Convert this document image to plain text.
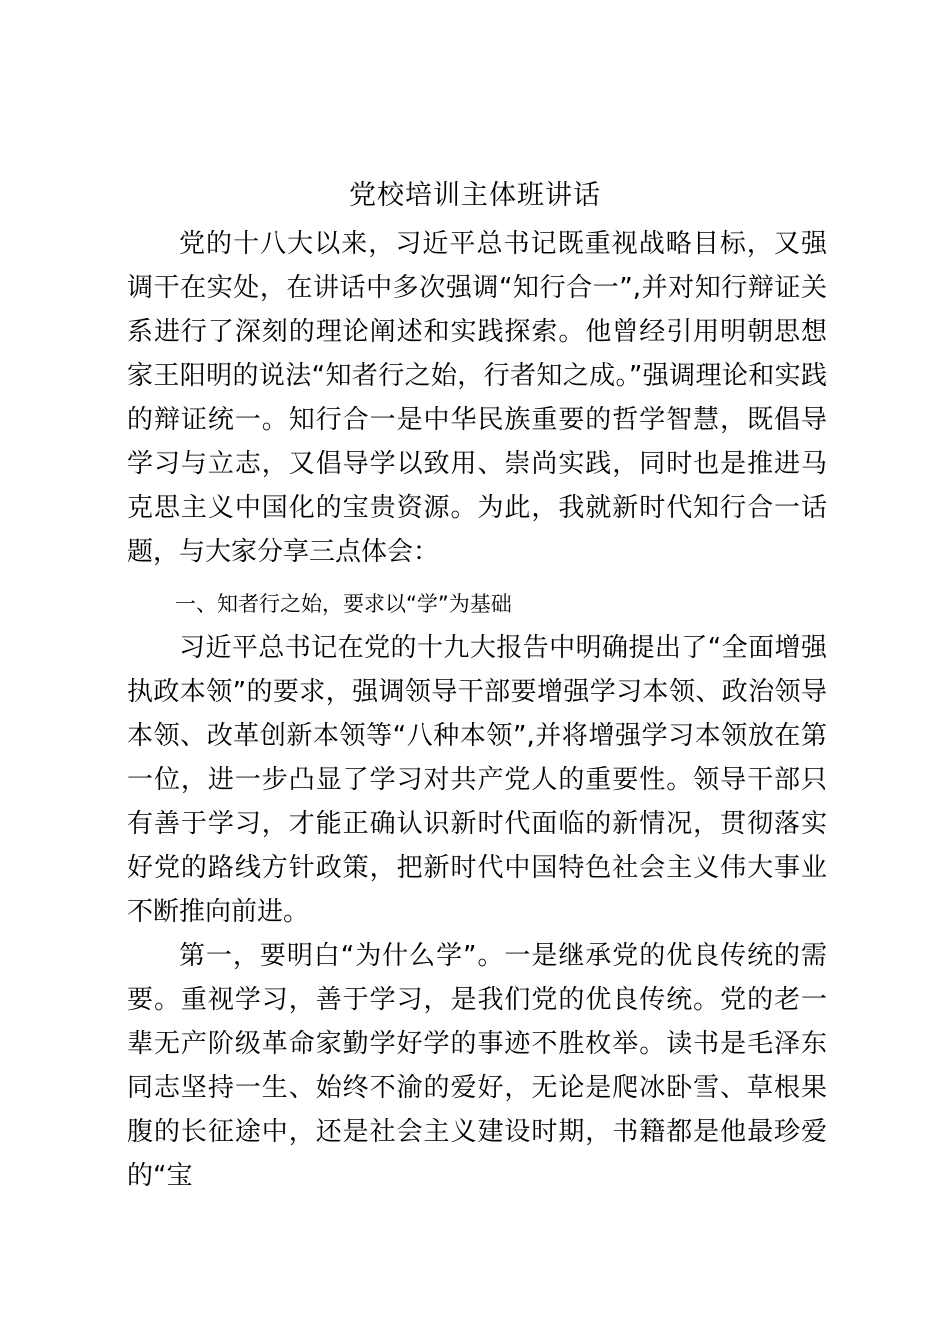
党校培训主体班讲话

党的十八大以来，习近平总书记既重视战略目标，又强调干在实处，在讲话中多次强调“知行合一”,并对知行辩证关系进行了深刻的理论阐述和实践探索。他曾经引用明朝思想家王阳明的说法“知者行之始，行者知之成。”强调理论和实践的辩证统一。知行合一是中华民族重要的哲学智慧，既倡导学习与立志，又倡导学以致用、崇尚实践，同时也是推进马克思主义中国化的宝贵资源。为此，我就新时代知行合一话题，与大家分享三点体会：

一、知者行之始，要求以“学”为基础

习近平总书记在党的十九大报告中明确提出了“全面增强执政本领”的要求，强调领导干部要增强学习本领、政治领导本领、改革创新本领等“八种本领”,并将增强学习本领放在第一位，进一步凸显了学习对共产党人的重要性。领导干部只有善于学习，才能正确认识新时代面临的新情况，贯彻落实好党的路线方针政策，把新时代中国特色社会主义伟大事业不断推向前进。

第一，要明白“为什么学”。一是继承党的优良传统的需要。重视学习，善于学习，是我们党的优良传统。党的老一辈无产阶级革命家勤学好学的事迹不胜枚举。读书是毛泽东同志坚持一生、始终不渝的爱好，无论是爬冰卧雪、草根果腹的长征途中，还是社会主义建设时期，书籍都是他最珍爱的“宝
